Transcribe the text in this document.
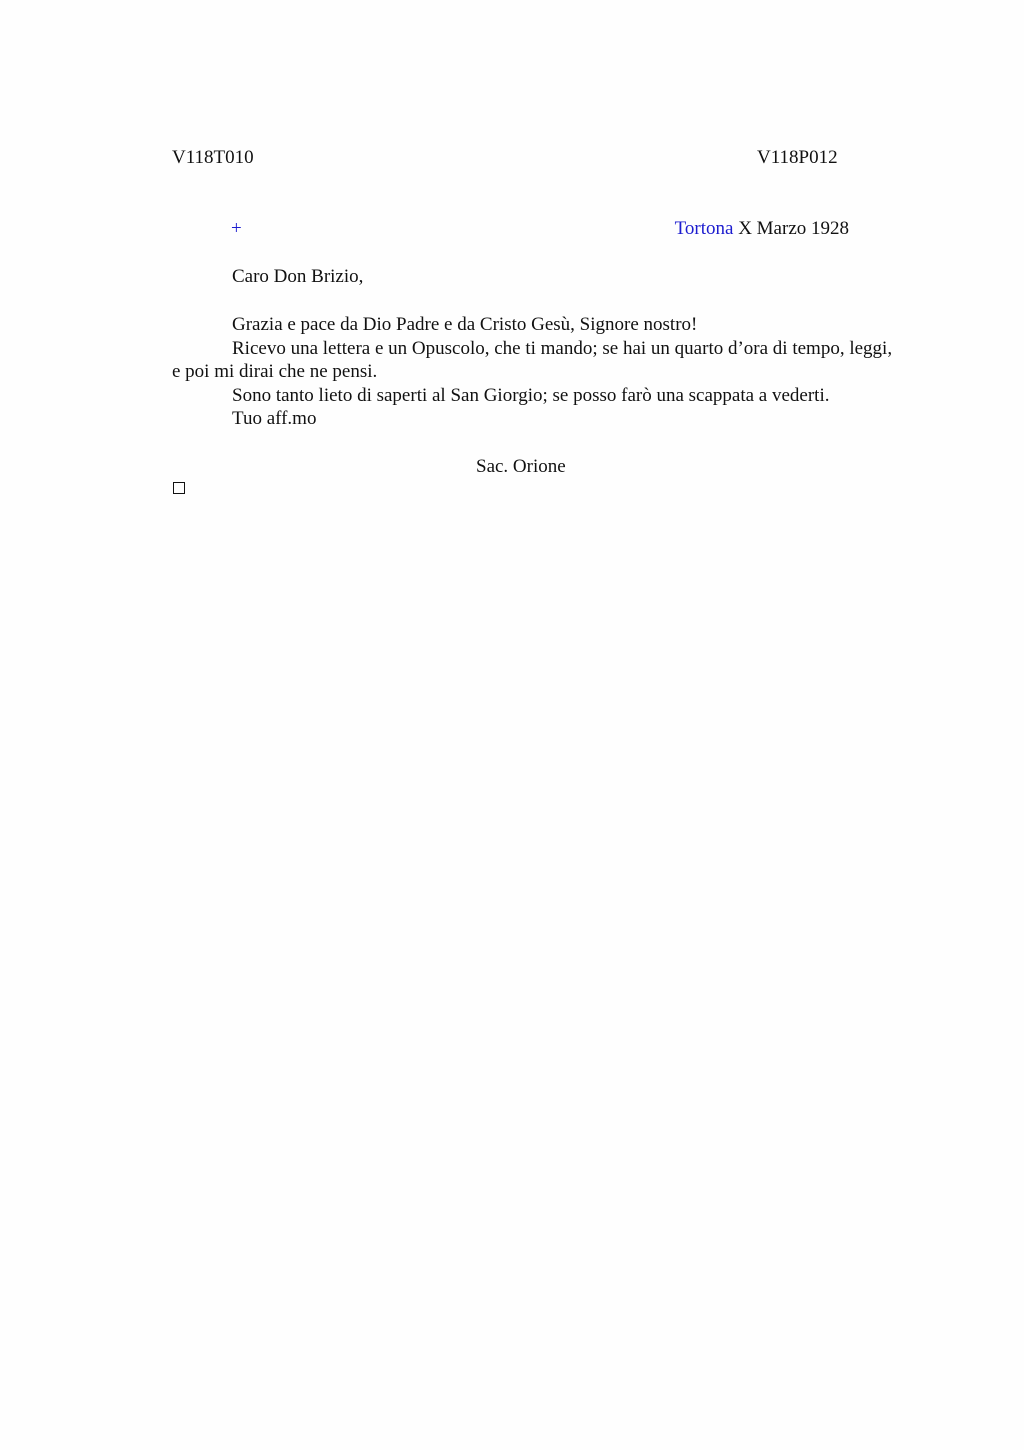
V118T010	V118P012
+	Tortona X Marzo 1928
Caro Don Brizio,

Grazia e pace da Dio Padre e da Cristo Gesù, Signore nostro!

Ricevo una lettera e un Opuscolo, che ti mando; se hai un quarto d’ora di tempo, leggi, e poi mi dirai che ne pensi.

Sono tanto lieto di saperti al San Giorgio; se posso farò una scappata a vederti.

Tuo aff.mo

Sac. Orione
